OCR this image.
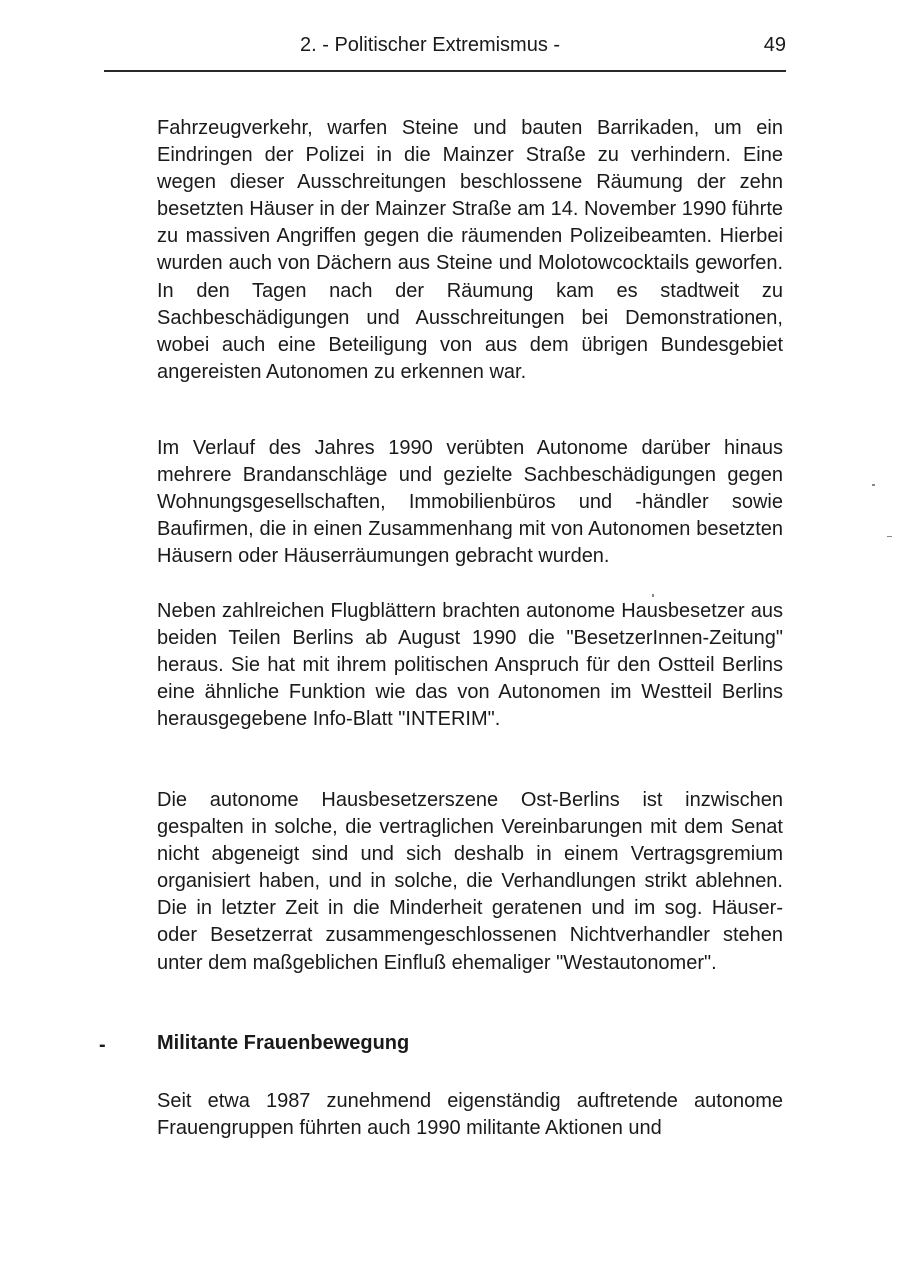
2. - Politischer Extremismus -	49

Fahrzeugverkehr, warfen Steine und bauten Barrikaden, um ein Eindringen der Polizei in die Mainzer Straße zu verhindern. Eine wegen dieser Ausschreitungen beschlossene Räumung der zehn besetzten Häuser in der Mainzer Straße am 14. November 1990 führte zu massiven Angriffen gegen die räumenden Polizeibeamten. Hierbei wurden auch von Dächern aus Steine und Molotowcocktails geworfen. In den Tagen nach der Räumung kam es stadtweit zu Sachbeschädigungen und Ausschreitungen bei Demonstrationen, wobei auch eine Beteiligung von aus dem übrigen Bundesgebiet angereisten Autonomen zu erkennen war.

Im Verlauf des Jahres 1990 verübten Autonome darüber hinaus mehrere Brandanschläge und gezielte Sachbeschädigungen gegen Wohnungsgesellschaften, Immobilienbüros und -händler sowie Baufirmen, die in einen Zusammenhang mit von Autonomen besetzten Häusern oder Häuserräumungen gebracht wurden.

Neben zahlreichen Flugblättern brachten autonome Hausbesetzer aus beiden Teilen Berlins ab August 1990 die "BesetzerInnen-Zeitung" heraus. Sie hat mit ihrem politischen Anspruch für den Ostteil Berlins eine ähnliche Funktion wie das von Autonomen im Westteil Berlins herausgegebene Info-Blatt "INTERIM".

Die autonome Hausbesetzerszene Ost-Berlins ist inzwischen gespalten in solche, die vertraglichen Vereinbarungen mit dem Senat nicht abgeneigt sind und sich deshalb in einem Vertragsgremium organisiert haben, und in solche, die Verhandlungen strikt ablehnen. Die in letzter Zeit in die Minderheit geratenen und im sog. Häuser- oder Besetzerrat zusammengeschlossenen Nichtverhandler stehen unter dem maßgeblichen Einfluß ehemaliger "Westautonomer".

-	Militante Frauenbewegung

Seit etwa 1987 zunehmend eigenständig auftretende autonome Frauengruppen führten auch 1990 militante Aktionen und
